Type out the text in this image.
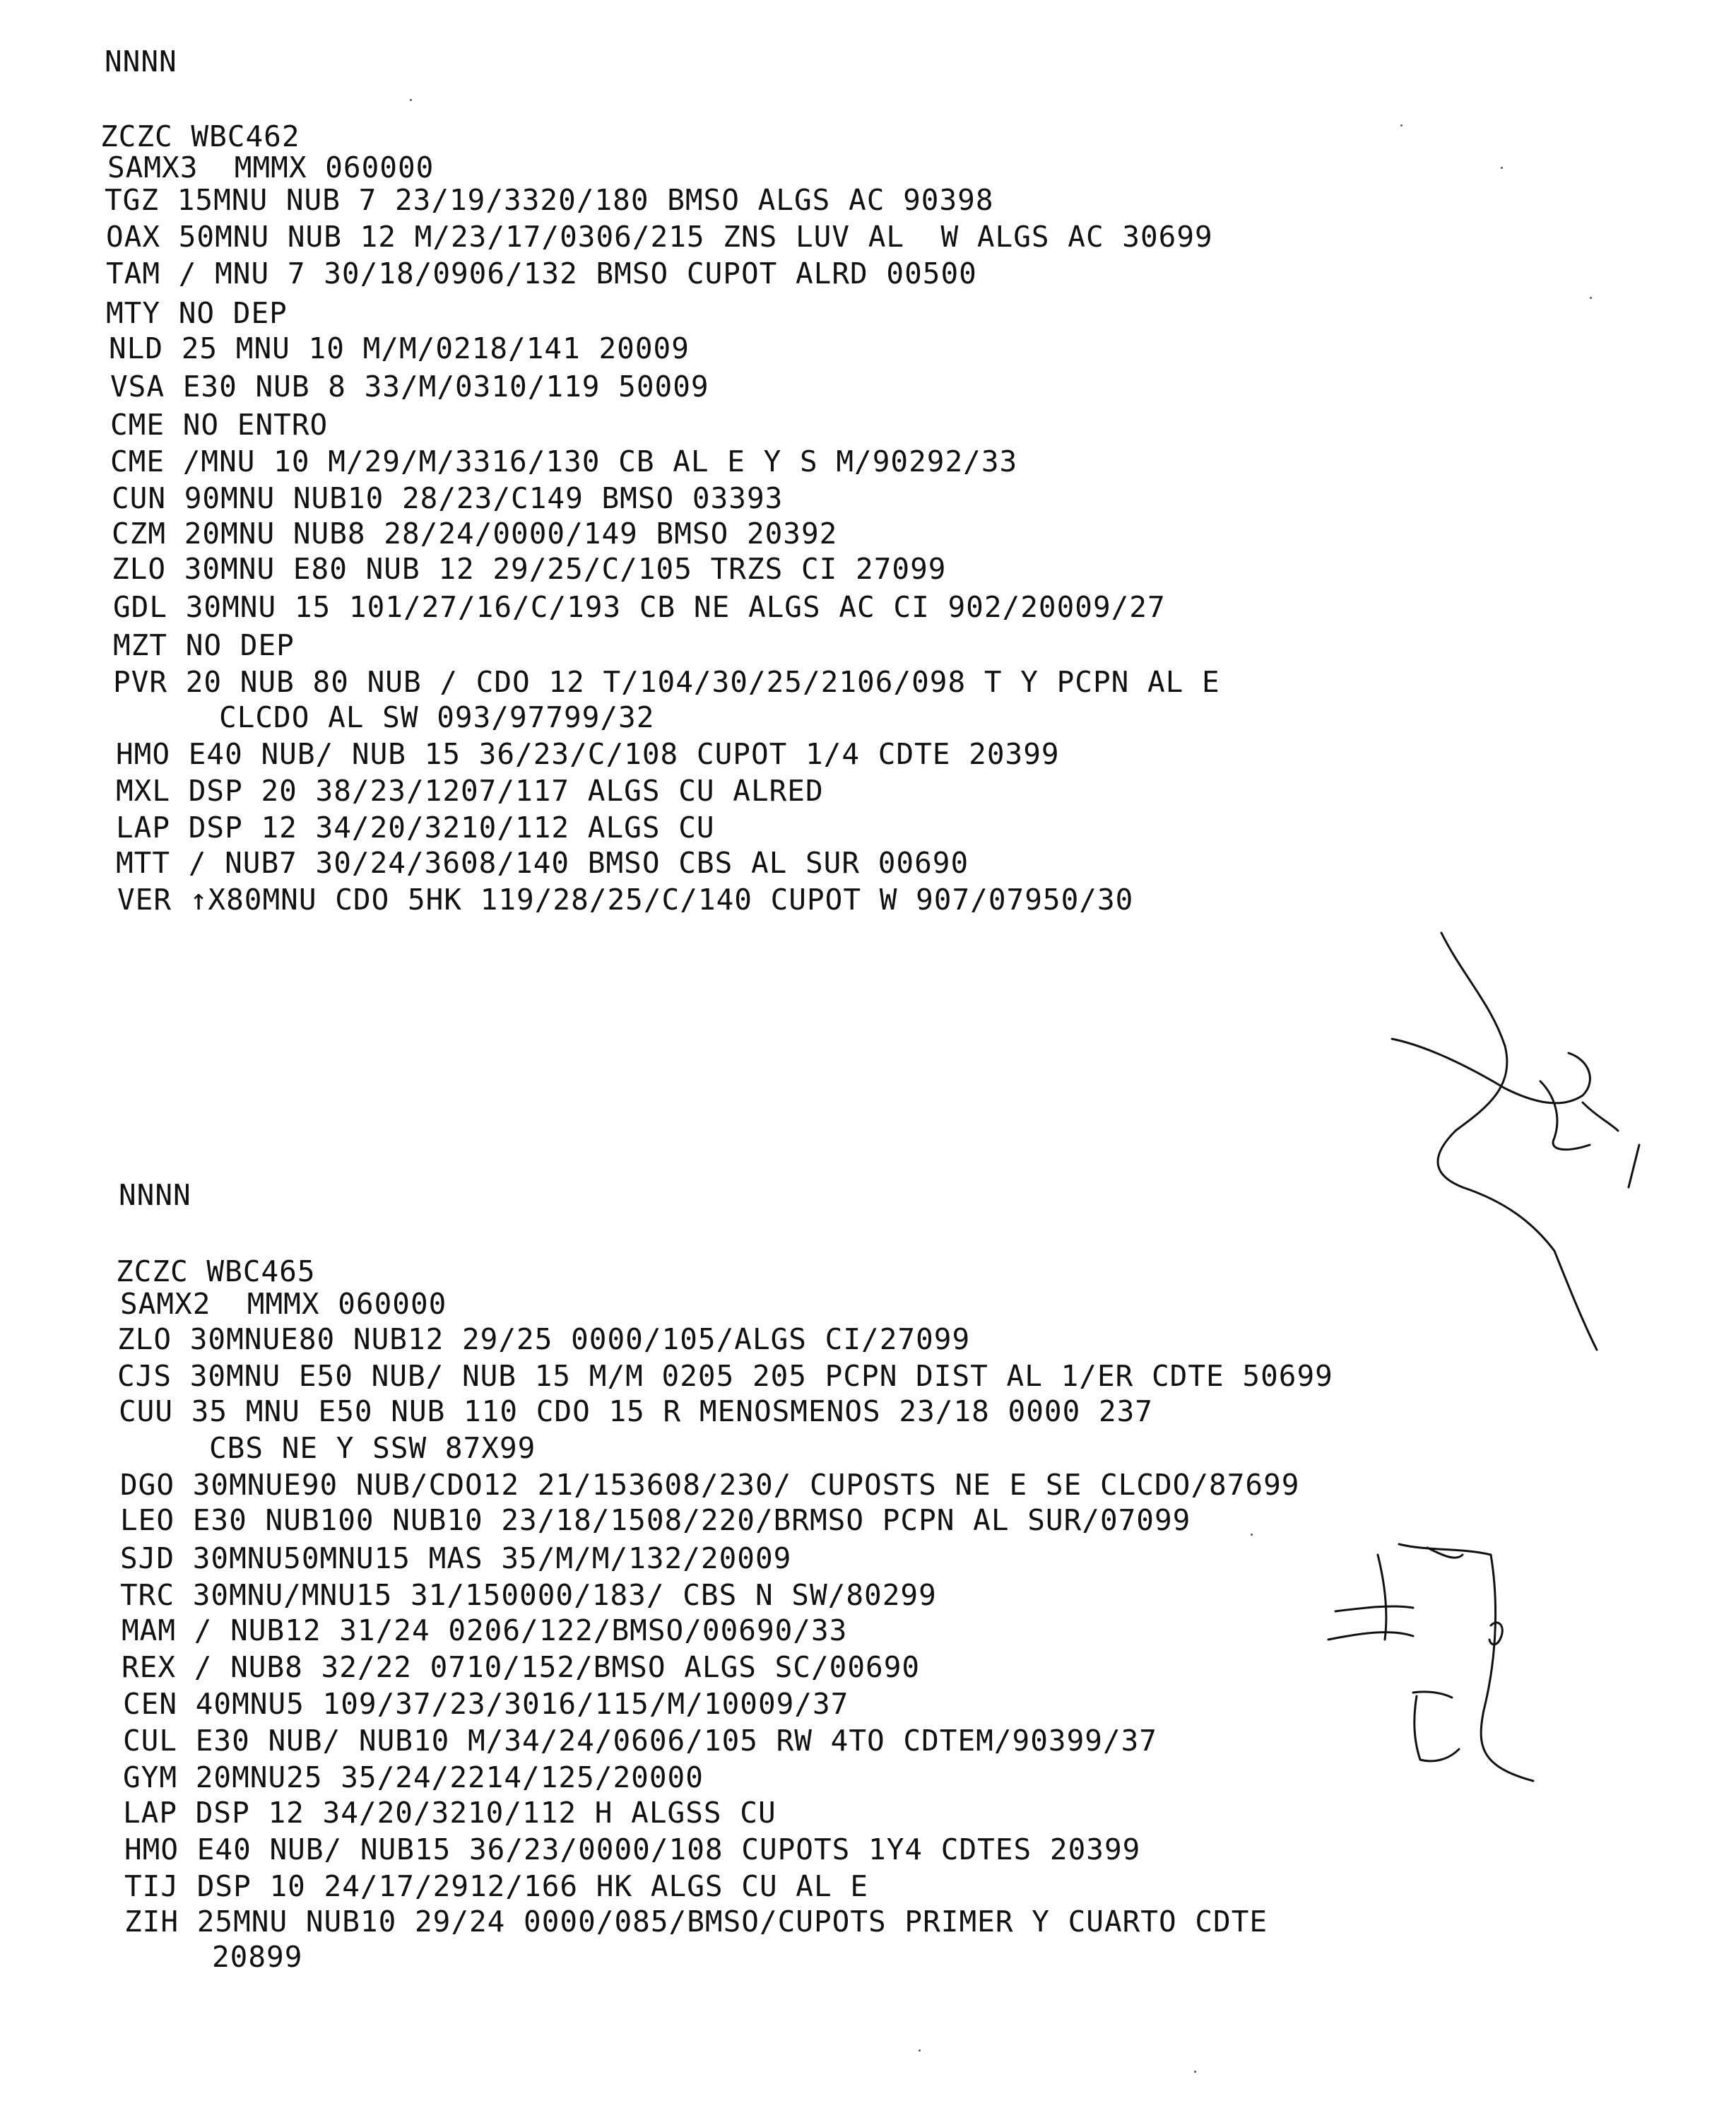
NNNN
ZCZC WBC462
SAMX3  MMMX 060000
TGZ 15MNU NUB 7 23/19/3320/180 BMSO ALGS AC 90398
OAX 50MNU NUB 12 M/23/17/0306/215 ZNS LUV AL  W ALGS AC 30699
TAM / MNU 7 30/18/0906/132 BMSO CUPOT ALRD 00500
MTY NO DEP
NLD 25 MNU 10 M/M/0218/141 20009
VSA E30 NUB 8 33/M/0310/119 50009
CME NO ENTRO
CME /MNU 10 M/29/M/3316/130 CB AL E Y S M/90292/33
CUN 90MNU NUB10 28/23/C149 BMSO 03393
CZM 20MNU NUB8 28/24/0000/149 BMSO 20392
ZLO 30MNU E80 NUB 12 29/25/C/105 TRZS CI 27099
GDL 30MNU 15 101/27/16/C/193 CB NE ALGS AC CI 902/20009/27
MZT NO DEP
PVR 20 NUB 80 NUB / CDO 12 T/104/30/25/2106/098 T Y PCPN AL E
CLCDO AL SW 093/97799/32
HMO E40 NUB/ NUB 15 36/23/C/108 CUPOT 1/4 CDTE 20399
MXL DSP 20 38/23/1207/117 ALGS CU ALRED
LAP DSP 12 34/20/3210/112 ALGS CU
MTT / NUB7 30/24/3608/140 BMSO CBS AL SUR 00690
VER ↑X80MNU CDO 5HK 119/28/25/C/140 CUPOT W 907/07950/30
NNNN
ZCZC WBC465
SAMX2  MMMX 060000
ZLO 30MNUE80 NUB12 29/25 0000/105/ALGS CI/27099
CJS 30MNU E50 NUB/ NUB 15 M/M 0205 205 PCPN DIST AL 1/ER CDTE 50699
CUU 35 MNU E50 NUB 110 CDO 15 R MENOSMENOS 23/18 0000 237
CBS NE Y SSW 87X99
DGO 30MNUE90 NUB/CDO12 21/153608/230/ CUPOSTS NE E SE CLCDO/87699
LEO E30 NUB100 NUB10 23/18/1508/220/BRMSO PCPN AL SUR/07099
SJD 30MNU50MNU15 MAS 35/M/M/132/20009
TRC 30MNU/MNU15 31/150000/183/ CBS N SW/80299
MAM / NUB12 31/24 0206/122/BMSO/00690/33
REX / NUB8 32/22 0710/152/BMSO ALGS SC/00690
CEN 40MNU5 109/37/23/3016/115/M/10009/37
CUL E30 NUB/ NUB10 M/34/24/0606/105 RW 4TO CDTEM/90399/37
GYM 20MNU25 35/24/2214/125/20000
LAP DSP 12 34/20/3210/112 H ALGSS CU
HMO E40 NUB/ NUB15 36/23/0000/108 CUPOTS 1Y4 CDTES 20399
TIJ DSP 10 24/17/2912/166 HK ALGS CU AL E
ZIH 25MNU NUB10 29/24 0000/085/BMSO/CUPOTS PRIMER Y CUARTO CDTE
20899
